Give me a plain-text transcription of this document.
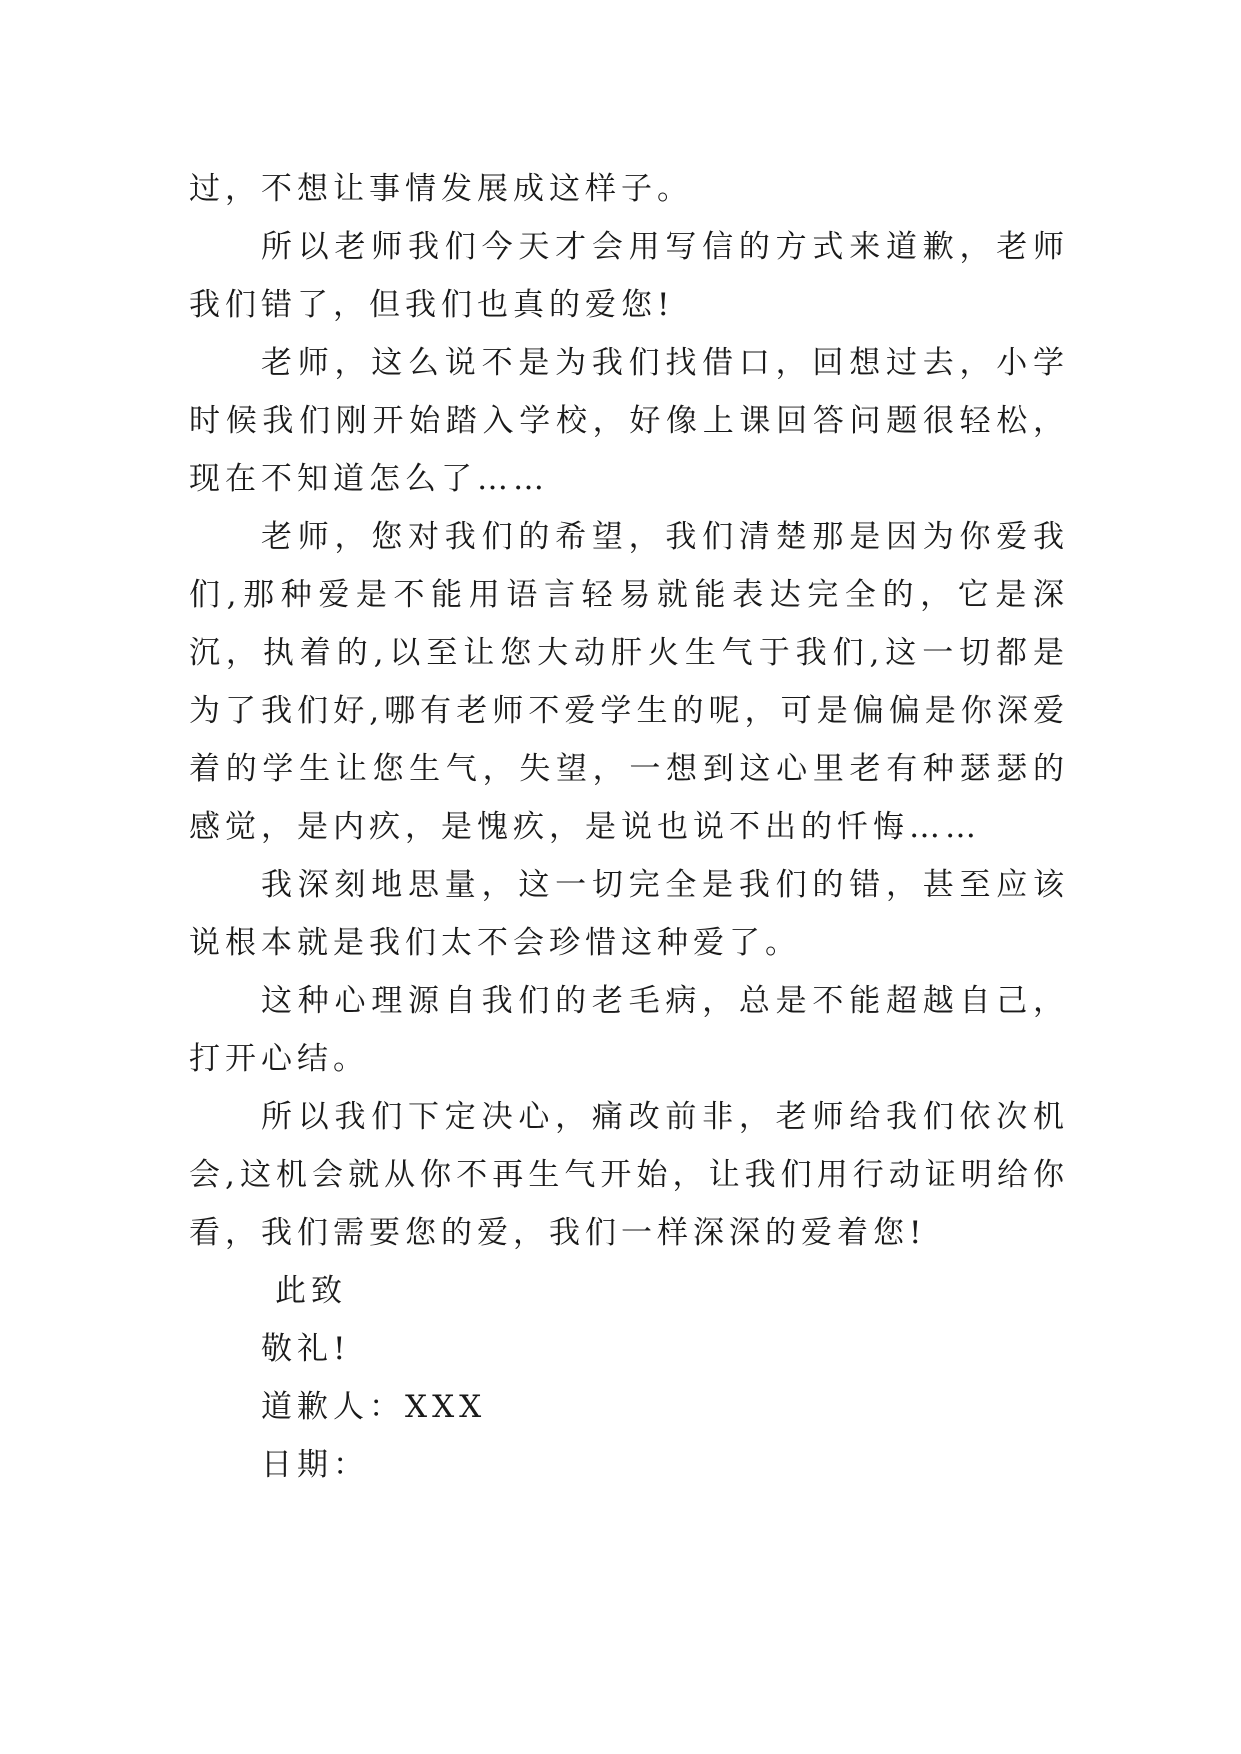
过，不想让事情发展成这样子。

所以老师我们今天才会用写信的方式来道歉，老师我们错了，但我们也真的爱您!

老师，这么说不是为我们找借口，回想过去，小学时候我们刚开始踏入学校，好像上课回答问题很轻松，现在不知道怎么了……

老师，您对我们的希望，我们清楚那是因为你爱我们,那种爱是不能用语言轻易就能表达完全的，它是深沉，执着的,以至让您大动肝火生气于我们,这一切都是为了我们好,哪有老师不爱学生的呢，可是偏偏是你深爱着的学生让您生气，失望，一想到这心里老有种瑟瑟的感觉，是内疚，是愧疚，是说也说不出的忏悔……

我深刻地思量，这一切完全是我们的错，甚至应该说根本就是我们太不会珍惜这种爱了。

这种心理源自我们的老毛病，总是不能超越自己，打开心结。

所以我们下定决心，痛改前非，老师给我们依次机会,这机会就从你不再生气开始，让我们用行动证明给你看，我们需要您的爱，我们一样深深的爱着您!

此致

敬礼!

道歉人：XXX

日期：
